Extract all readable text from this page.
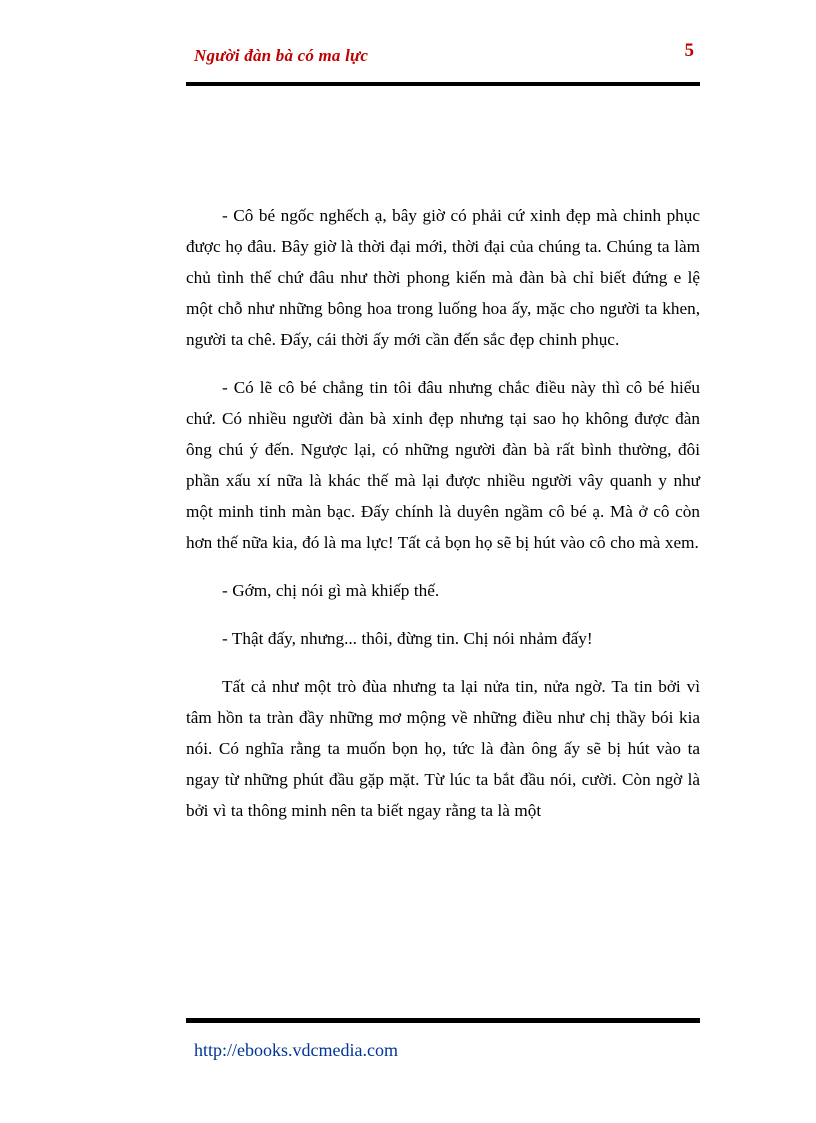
Người đàn bà có ma lực	5

- Cô bé ngốc nghếch ạ, bây giờ có phải cứ xinh đẹp mà chinh phục được họ đâu. Bây giờ là thời đại mới, thời đại của chúng ta. Chúng ta làm chủ tình thế chứ đâu như thời phong kiến mà đàn bà chỉ biết đứng e lệ một chỗ như những bông hoa trong luống hoa ấy, mặc cho người ta khen, người ta chê. Đấy, cái thời ấy mới cần đến sắc đẹp chinh phục.

- Có lẽ cô bé chẳng tin tôi đâu nhưng chắc điều này thì cô bé hiểu chứ. Có nhiều người đàn bà xinh đẹp nhưng tại sao họ không được đàn ông chú ý đến. Ngược lại, có những người đàn bà rất bình thường, đôi phần xấu xí nữa là khác thế mà lại được nhiều người vây quanh y như một minh tinh màn bạc. Đấy chính là duyên ngầm cô bé ạ. Mà ở cô còn hơn thế nữa kia, đó là ma lực! Tất cả bọn họ sẽ bị hút vào cô cho mà xem.

- Gớm, chị nói gì mà khiếp thế.

- Thật đấy, nhưng... thôi, đừng tin. Chị nói nhảm đấy!

Tất cả như một trò đùa nhưng ta lại nửa tin, nửa ngờ. Ta tin bởi vì tâm hồn ta tràn đầy những mơ mộng về những điều như chị thầy bói kia nói. Có nghĩa rằng ta muốn bọn họ, tức là đàn ông ấy sẽ bị hút vào ta ngay từ những phút đầu gặp mặt. Từ lúc ta bắt đầu nói, cười. Còn ngờ là bởi vì ta thông minh nên ta biết ngay rằng ta là một

http://ebooks.vdcmedia.com
